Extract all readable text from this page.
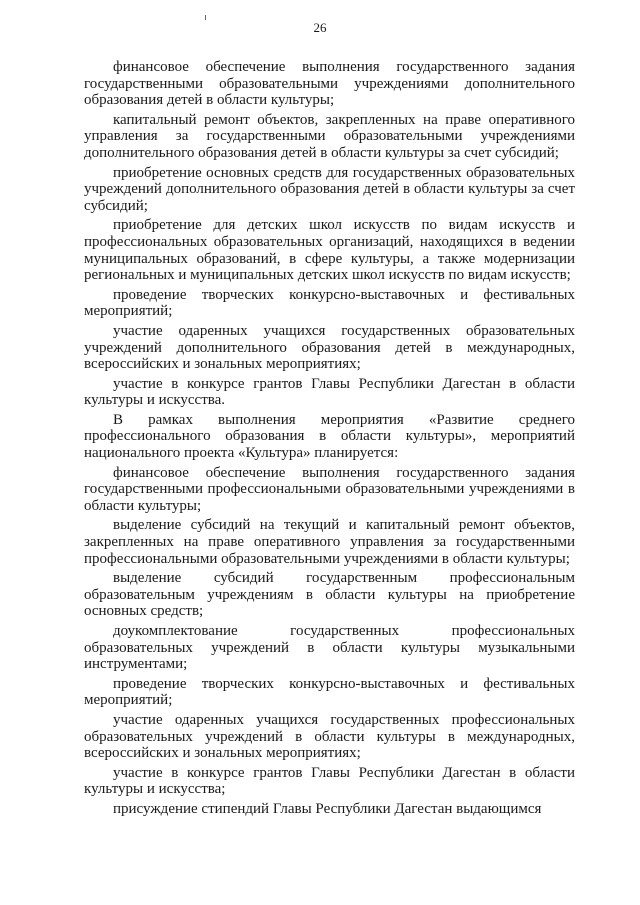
26

финансовое обеспечение выполнения государственного задания государственными образовательными учреждениями дополнительного образования детей в области культуры;

капитальный ремонт объектов, закрепленных на праве оперативного управления за государственными образовательными учреждениями дополнительного образования детей в области культуры за счет субсидий;

приобретение основных средств для государственных образовательных учреждений дополнительного образования детей в области культуры за счет субсидий;

приобретение для детских школ искусств по видам искусств и профессиональных образовательных организаций, находящихся в ведении муниципальных образований, в сфере культуры, а также модернизации региональных и муниципальных детских школ искусств по видам искусств;

проведение творческих конкурсно-выставочных и фестивальных мероприятий;

участие одаренных учащихся государственных образовательных учреждений дополнительного образования детей в международных, всероссийских и зональных мероприятиях;

участие в конкурсе грантов Главы Республики Дагестан в области культуры и искусства.

В рамках выполнения мероприятия «Развитие среднего профессионального образования в области культуры», мероприятий национального проекта «Культура» планируется:

финансовое обеспечение выполнения государственного задания государственными профессиональными образовательными учреждениями в области культуры;

выделение субсидий на текущий и капитальный ремонт объектов, закрепленных на праве оперативного управления за государственными профессиональными образовательными учреждениями в области культуры;

выделение субсидий государственным профессиональным образовательным учреждениям в области культуры на приобретение основных средств;

доукомплектование государственных профессиональных образовательных учреждений в области культуры музыкальными инструментами;

проведение творческих конкурсно-выставочных и фестивальных мероприятий;

участие одаренных учащихся государственных профессиональных образовательных учреждений в области культуры в международных, всероссийских и зональных мероприятиях;

участие в конкурсе грантов Главы Республики Дагестан в области культуры и искусства;

присуждение стипендий Главы Республики Дагестан выдающимся
